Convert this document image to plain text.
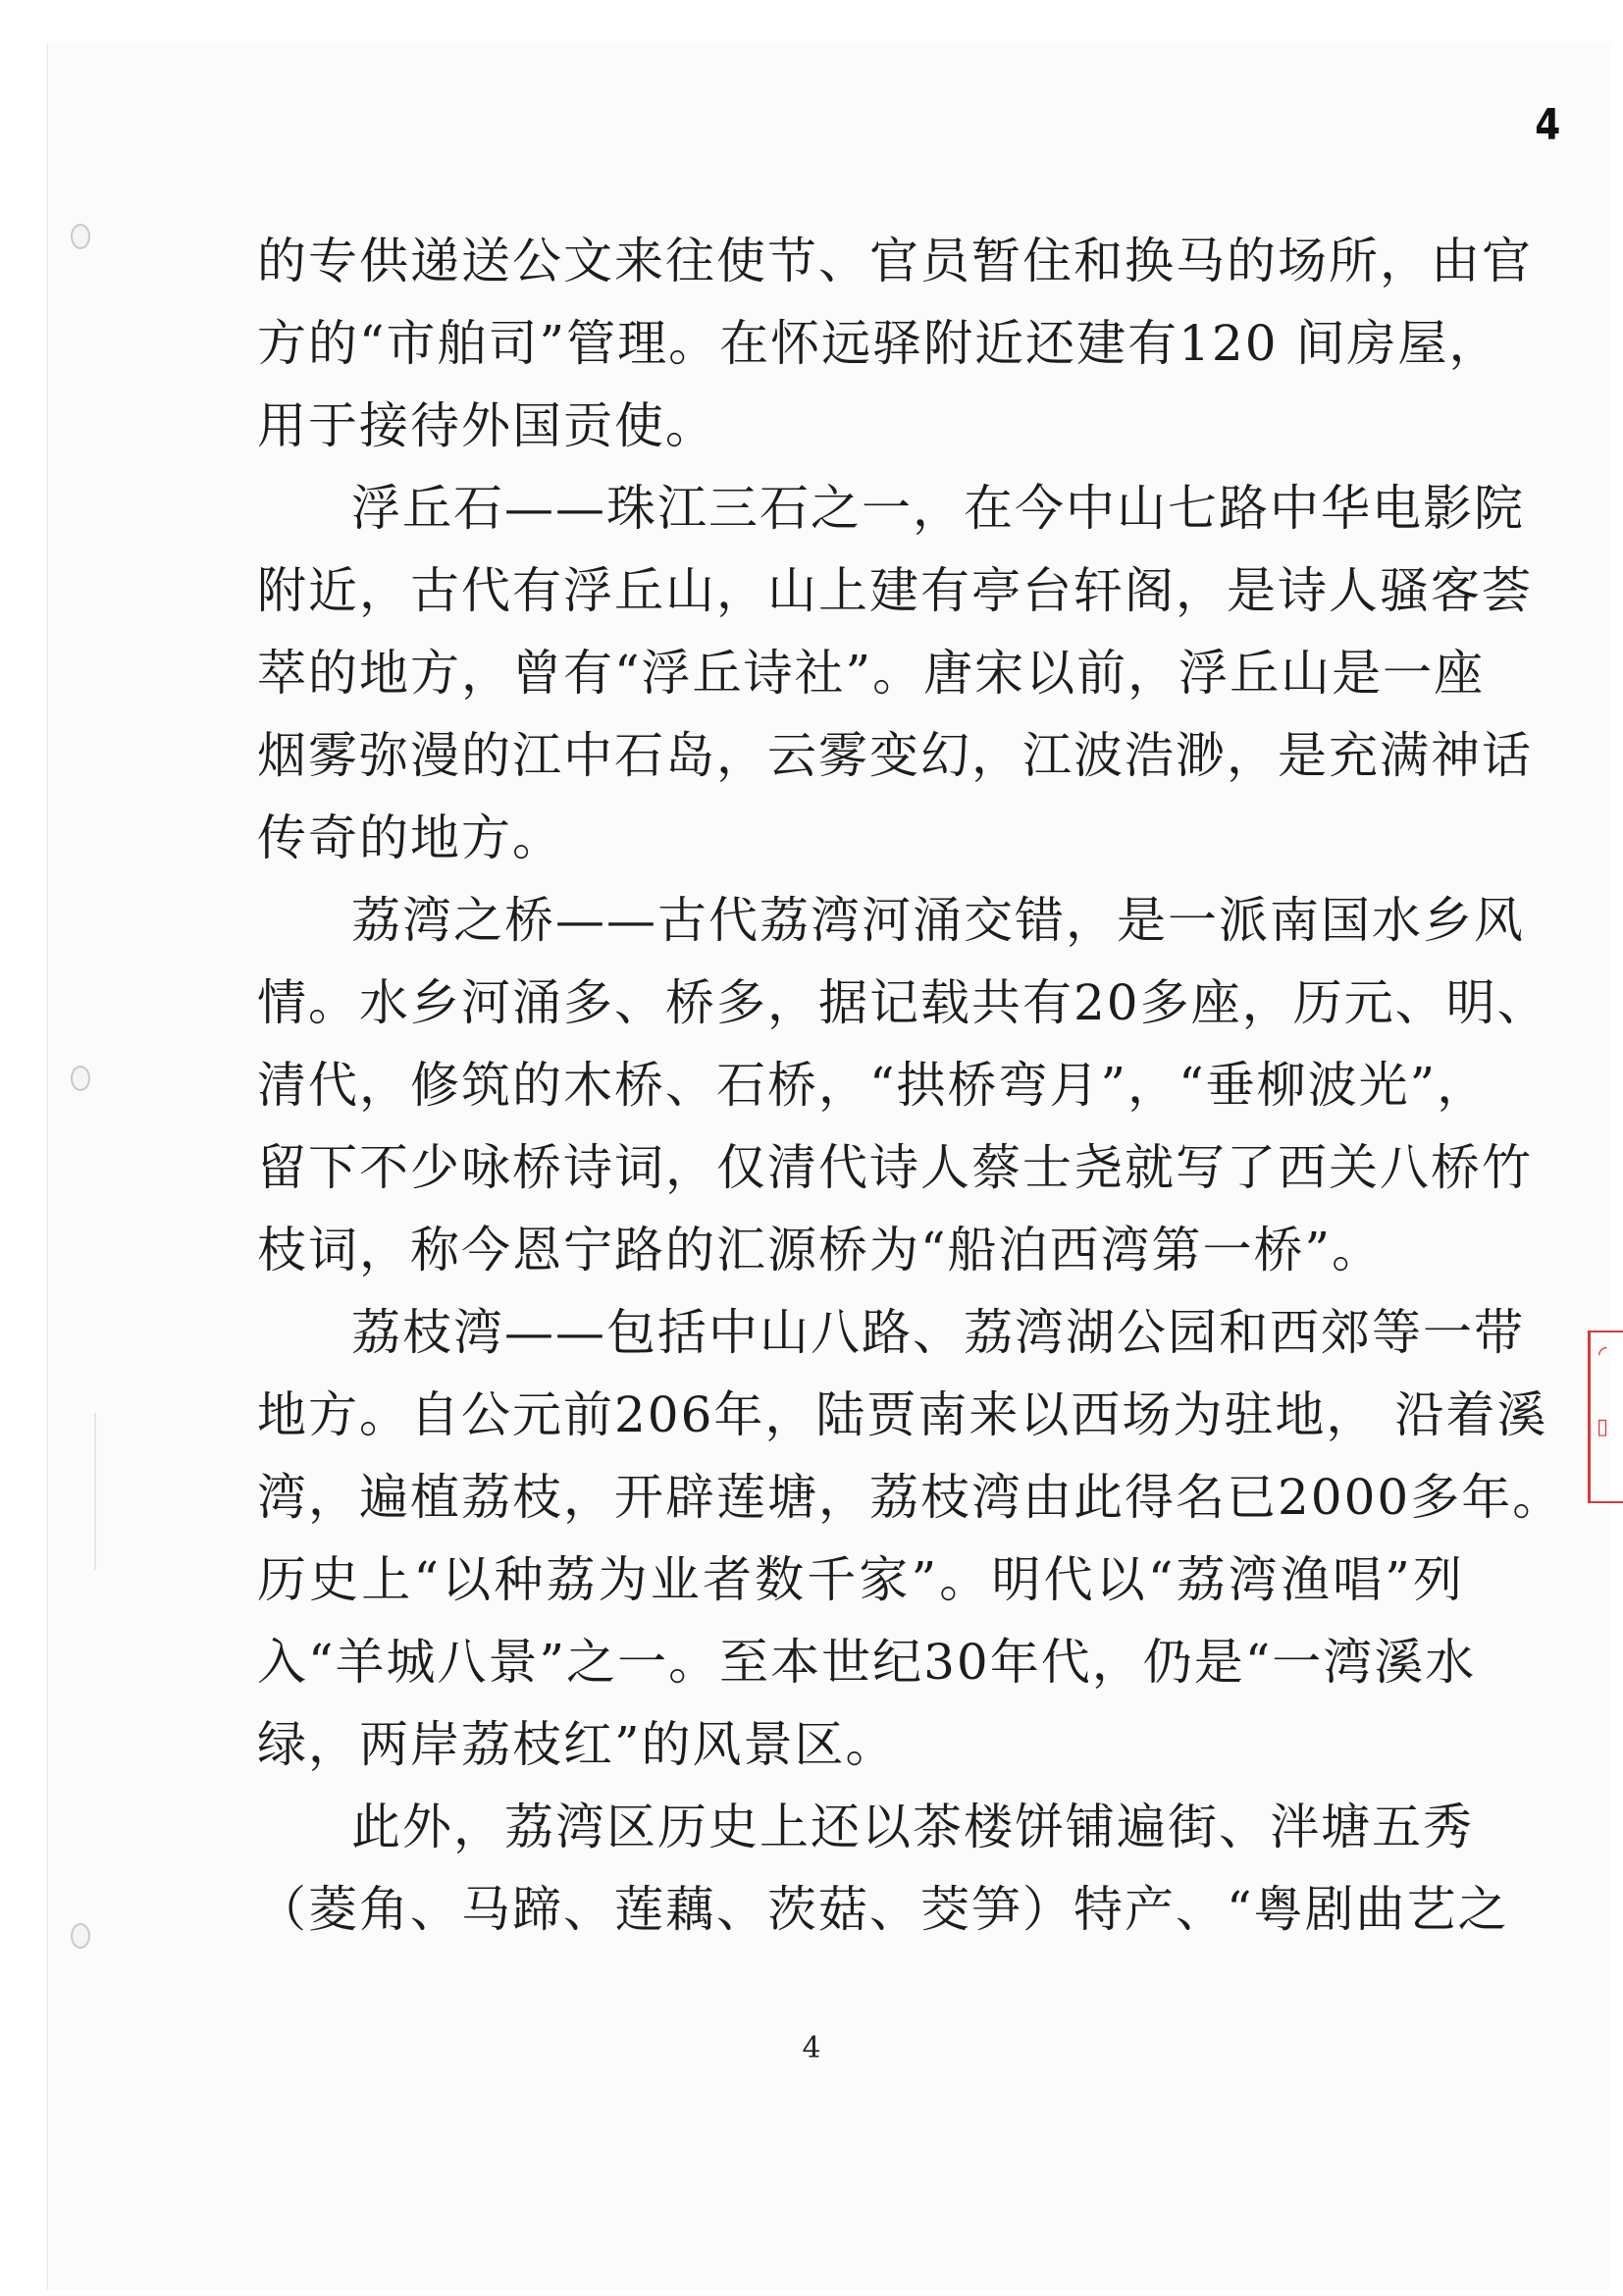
4
的专供递送公文来往使节、官员暂住和换马的场所，由官
方的“市舶司”管理。在怀远驿附近还建有120 间房屋，
用于接待外国贡使。
浮丘石——珠江三石之一，在今中山七路中华电影院
附近，古代有浮丘山，山上建有亭台轩阁，是诗人骚客荟
萃的地方，曾有“浮丘诗社”。唐宋以前，浮丘山是一座
烟雾弥漫的江中石岛，云雾变幻，江波浩渺，是充满神话
传奇的地方。
荔湾之桥——古代荔湾河涌交错，是一派南国水乡风
情。水乡河涌多、桥多，据记载共有20多座，历元、明、
清代，修筑的木桥、石桥，“拱桥弯月”，“垂柳波光”，
留下不少咏桥诗词，仅清代诗人蔡士尧就写了西关八桥竹
枝词，称今恩宁路的汇源桥为“船泊西湾第一桥”。
荔枝湾——包括中山八路、荔湾湖公园和西郊等一带
地方。自公元前206年，陆贾南来以西场为驻地， 沿着溪
湾，遍植荔枝，开辟莲塘，荔枝湾由此得名已2000多年。
历史上“以种荔为业者数千家”。明代以“荔湾渔唱”列
入“羊城八景”之一。至本世纪30年代，仍是“一湾溪水
绿，两岸荔枝红”的风景区。
此外，荔湾区历史上还以茶楼饼铺遍街、泮塘五秀
（菱角、马蹄、莲藕、茨菇、茭笋）特产、“粤剧曲艺之
4
◜
▯
